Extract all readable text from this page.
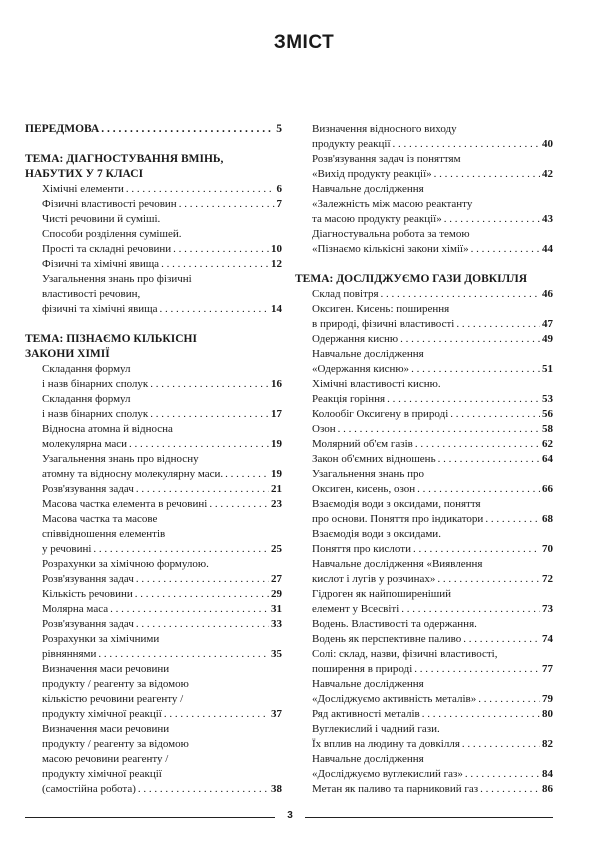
ЗМІСТ
ПЕРЕДМОВА . . .	5
ТЕМА: ДІАГНОСТУВАННЯ ВМІНЬ,
НАБУТИХ У 7 КЛАСІ
Хімічні елементи . . .	6
Фізичні властивості речовин . . .	7
Чисті речовини й суміші.
Способи розділення сумішей.
Прості та складні речовини . . .	10
Фізичні та хімічні явища . . .	12
Узагальнення знань про фізичні
властивості речовин,
фізичні та хімічні явища . . .	14
ТЕМА: ПІЗНАЄМО КІЛЬКІСНІ
ЗАКОНИ ХІМІЇ
Складання формул
і назв бінарних сполук . . .	16
Складання формул
і назв бінарних сполук . . .	17
Відносна атомна й відносна
молекулярна маси . . .	19
Узагальнення знань про відносну
атомну та відносну молекулярну маси. . . .	19
Розв'язування задач . . .	21
Масова частка елемента в речовині . . .	23
Масова частка та масове
співвідношення елементів
у речовині . . .	25
Розрахунки за хімічною формулою.
Розв'язування задач . . .	27
Кількість речовини . . .	29
Молярна маса . . .	31
Розв'язування задач . . .	33
Розрахунки за хімічними
рівняннями . . .	35
Визначення маси речовини
продукту / реагенту за відомою
кількістю речовини реагенту /
продукту хімічної реакції . . .	37
Визначення маси речовини
продукту / реагенту за відомою
масою речовини реагенту /
продукту хімічної реакції
(самостійна робота) . . .	38
Визначення відносного виходу
продукту реакції . . .	40
Розв'язування задач із поняттям
«Вихід продукту реакції» . . .	42
Навчальне дослідження
«Залежність між масою реактанту
та масою продукту реакції» . . .	43
Діагностувальна робота за темою
«Пізнаємо кількісні закони хімії» . . .	44
ТЕМА: ДОСЛІДЖУЄМО ГАЗИ ДОВКІЛЛЯ
Склад повітря . . .	46
Оксиген. Кисень: поширення
в природі, фізичні властивості . . .	47
Одержання кисню . . .	49
Навчальне дослідження
«Одержання кисню» . . .	51
Хімічні властивості кисню.
Реакція горіння . . .	53
Колообіг Оксигену в природі . . .	56
Озон . . .	58
Молярний об'єм газів . . .	62
Закон об'ємних відношень . . .	64
Узагальнення знань про
Оксиген, кисень, озон . . .	66
Взаємодія води з оксидами, поняття
про основи. Поняття про індикатори . . .	68
Взаємодія води з оксидами.
Поняття про кислоти . . .	70
Навчальне дослідження «Виявлення
кислот і лугів у розчинах» . . .	72
Гідроген як найпоширеніший
елемент у Всесвіті . . .	73
Водень. Властивості та одержання.
Водень як перспективне паливо . . .	74
Солі: склад, назви, фізичні властивості,
поширення в природі . . .	77
Навчальне дослідження
«Досліджуємо активність металів» . . .	79
Ряд активності металів . . .	80
Вуглекислий і чадний гази.
Їх вплив на людину та довкілля . . .	82
Навчальне дослідження
«Досліджуємо вуглекислий газ» . . .	84
Метан як паливо та парниковий газ . . .	86
3
